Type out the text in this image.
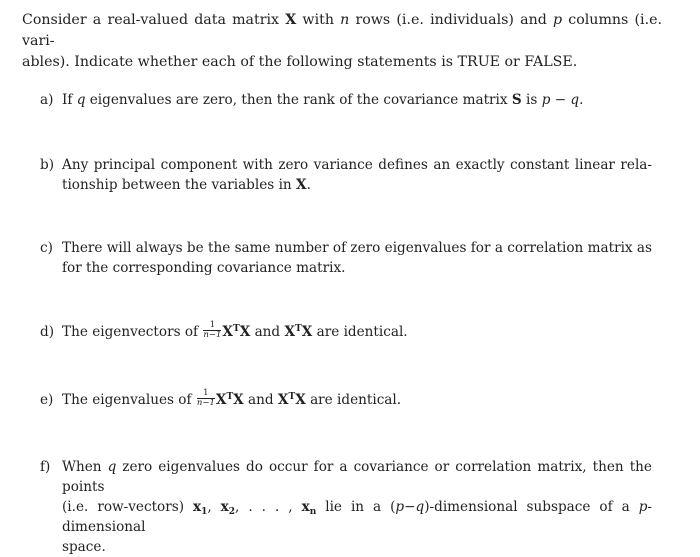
Consider a real-valued data matrix X with n rows (i.e. individuals) and p columns (i.e. vari-
ables). Indicate whether each of the following statements is TRUE or FALSE.
a) If q eigenvalues are zero, then the rank of the covariance matrix S is p − q.
b) Any principal component with zero variance defines an exactly constant linear rela-
tionship between the variables in X.
c) There will always be the same number of zero eigenvalues for a correlation matrix as
for the corresponding covariance matrix.
d) The eigenvectors of $\frac{1}{n-1} X^TX$ and $X^TX$ are identical.
e) The eigenvalues of $\frac{1}{n-1} X^TX$ and $X^TX$ are identical.
f) When q zero eigenvalues do occur for a covariance or correlation matrix, then the points
(i.e. row-vectors) $x_1$, $x_2$, . . . , $x_n$ lie in a (p−q)-dimensional subspace of a p-dimensional
space.
